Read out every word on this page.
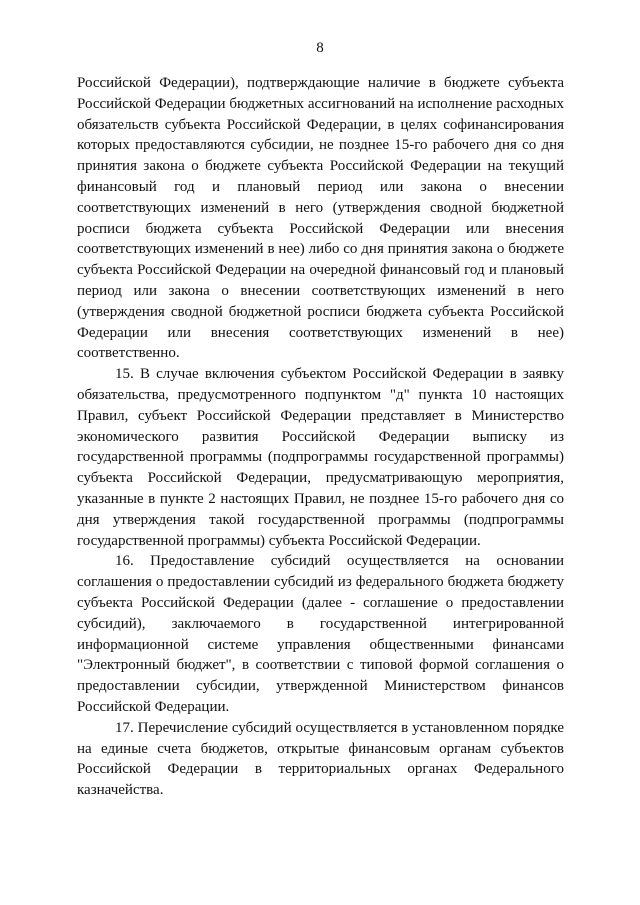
8

Российской Федерации), подтверждающие наличие в бюджете субъекта Российской Федерации бюджетных ассигнований на исполнение расходных обязательств субъекта Российской Федерации, в целях софинансирования которых предоставляются субсидии, не позднее 15-го рабочего дня со дня принятия закона о бюджете субъекта Российской Федерации на текущий финансовый год и плановый период или закона о внесении соответствующих изменений в него (утверждения сводной бюджетной росписи бюджета субъекта Российской Федерации или внесения соответствующих изменений в нее) либо со дня принятия закона о бюджете субъекта Российской Федерации на очередной финансовый год и плановый период или закона о внесении соответствующих изменений в него (утверждения сводной бюджетной росписи бюджета субъекта Российской Федерации или внесения соответствующих изменений в нее) соответственно.

15. В случае включения субъектом Российской Федерации в заявку обязательства, предусмотренного подпунктом "д" пункта 10 настоящих Правил, субъект Российской Федерации представляет в Министерство экономического развития Российской Федерации выписку из государственной программы (подпрограммы государственной программы) субъекта Российской Федерации, предусматривающую мероприятия, указанные в пункте 2 настоящих Правил, не позднее 15-го рабочего дня со дня утверждения такой государственной программы (подпрограммы государственной программы) субъекта Российской Федерации.

16. Предоставление субсидий осуществляется на основании соглашения о предоставлении субсидий из федерального бюджета бюджету субъекта Российской Федерации (далее - соглашение о предоставлении субсидий), заключаемого в государственной интегрированной информационной системе управления общественными финансами "Электронный бюджет", в соответствии с типовой формой соглашения о предоставлении субсидии, утвержденной Министерством финансов Российской Федерации.

17. Перечисление субсидий осуществляется в установленном порядке на единые счета бюджетов, открытые финансовым органам субъектов Российской Федерации в территориальных органах Федерального казначейства.
